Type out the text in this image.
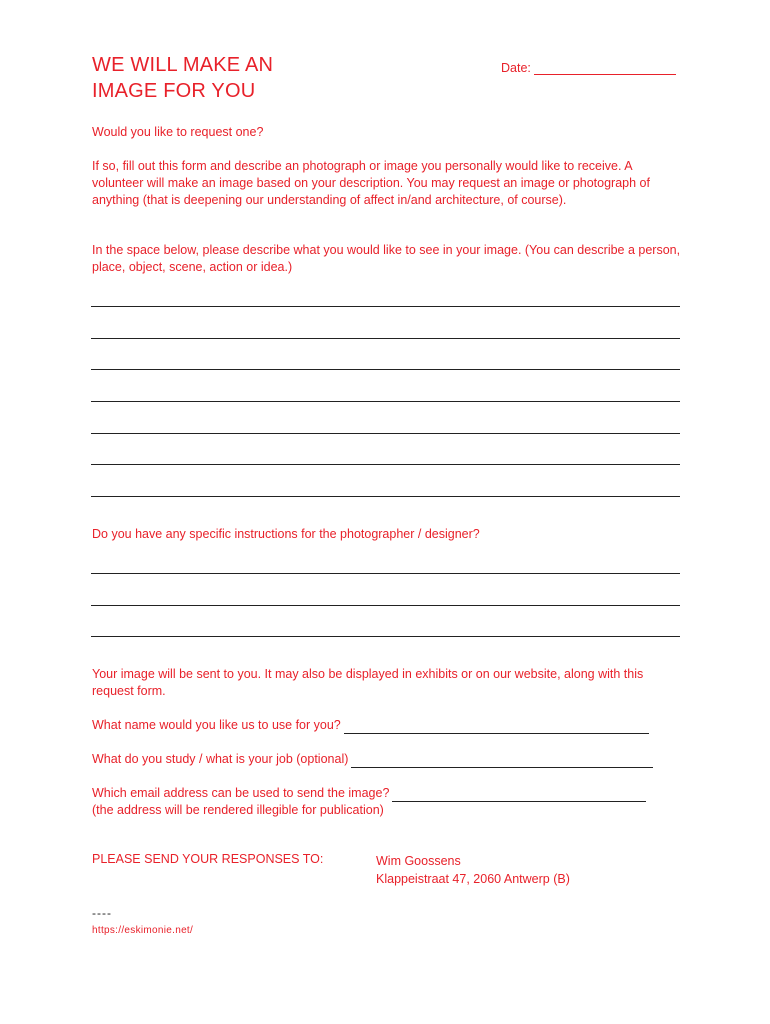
WE WILL MAKE AN
IMAGE FOR YOU
Date:
Would you like to request one?
If so, fill out this form and describe an photograph or image you personally would like to receive. A volunteer will make an image based on your description. You may request an image or photograph of anything (that is deepening our understanding of affect in/and architecture, of course).
In the space below, please describe what you would like to see in your image. (You can describe a person, place, object, scene, action or idea.)
Do you have any specific instructions for the photographer / designer?
Your image will be sent to you. It may also be displayed in exhibits or on our website, along with this request form.
What name would you like us to use for you?
What do you study / what is your job (optional)
Which email address can be used to send the image?
(the address will be rendered illegible for publication)
PLEASE SEND YOUR RESPONSES TO:	Wim Goossens
Klappeistraat 47, 2060 Antwerp (B)
----
https://eskimonie.net/
